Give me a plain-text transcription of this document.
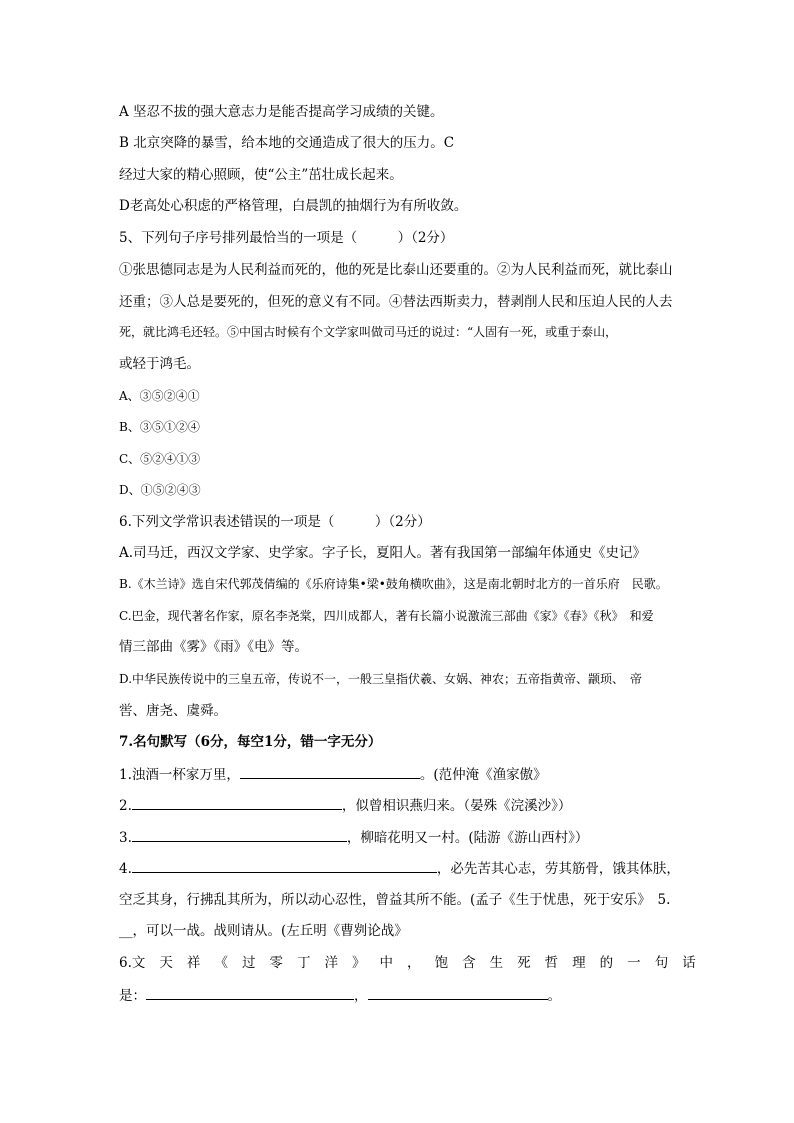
A 坚忍不拔的强大意志力是能否提高学习成绩的关键。
B 北京突降的暴雪，给本地的交通造成了很大的压力。C
经过大家的精心照顾，使“公主”茁壮成长起来。
D老高处心积虑的严格管理，白晨凯的抽烟行为有所收敛。
5、下列句子序号排列最恰当的一项是（　　　）（2分）
①张思德同志是为人民利益而死的，他的死是比泰山还要重的。②为人民利益而死，就比泰山
还重；③人总是要死的，但死的意义有不同。④替法西斯卖力，替剥削人民和压迫人民的人去
死，就比鸿毛还轻。⑤中国古时候有个文学家叫做司马迁的说过：“人固有一死，或重于泰山，
或轻于鸿毛。
A、③⑤②④①
B、③⑤①②④
C、⑤②④①③
D、①⑤②④③
6.下列文学常识表述错误的一项是（　　　）（2分）
A.司马迁，西汉文学家、史学家。字子长，夏阳人。著有我国第一部编年体通史《史记》
B.《木兰诗》选自宋代郭茂倩编的《乐府诗集•梁•鼓角横吹曲》，这是南北朝时北方的一首乐府　民歌。
C.巴金，现代著名作家，原名李尧棠，四川成都人，著有长篇小说激流三部曲《家》《春》《秋》　和爱
情三部曲《雾》《雨》《电》等。
D.中华民族传说中的三皇五帝，传说不一，一般三皇指伏羲、女娲、神农；五帝指黄帝、颛顼、　帝
喾、唐尧、虞舜。
7.名句默写（6分，每空1分，错一字无分）
1.浊酒一杯家万里，	。(范仲淹《渔家傲》
2.	，似曾相识燕归来。（晏殊《浣溪沙》）
3.	，柳暗花明又一村。(陆游《游山西村》）
4.	，必先苦其心志，劳其筋骨，饿其体肤，
空乏其身，行拂乱其所为，所以动心忍性，曾益其所不能。(孟子《生于忧患，死于安乐》　5.
__，可以一战。战则请从。(左丘明《曹刿论战》
6.文 天 祥 《 过 零 丁 洋 》 中 ， 饱 含 生 死 哲 理 的 一 句 话
是：	，	。
